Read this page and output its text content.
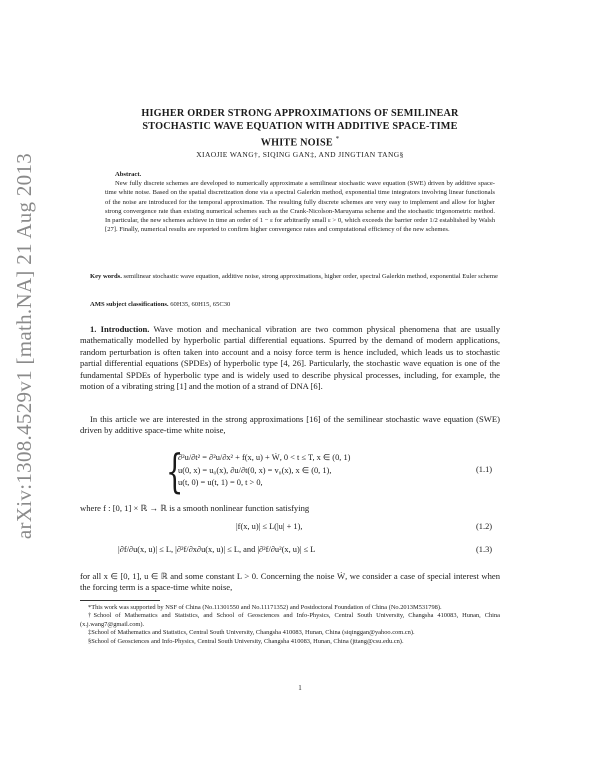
arXiv:1308.4529v1 [math.NA] 21 Aug 2013
HIGHER ORDER STRONG APPROXIMATIONS OF SEMILINEAR
STOCHASTIC WAVE EQUATION WITH ADDITIVE SPACE-TIME
WHITE NOISE *
XIAOJIE WANG†, SIQING GAN‡, AND JINGTIAN TANG§
Abstract.
New fully discrete schemes are developed to numerically approximate a semilinear stochastic wave equation (SWE) driven by additive space-time white noise. Based on the spatial discretization done via a spectral Galerkin method, exponential time integrators involving linear functionals of the noise are introduced for the temporal approximation. The resulting fully discrete schemes are very easy to implement and allow for higher strong convergence rate than existing numerical schemes such as the Crank-Nicolson-Maruyama scheme and the stochastic trigonometric method. In particular, the new schemes achieve in time an order of 1 − ε for arbitrarily small ε > 0, which exceeds the barrier order 1/2 established by Walsh [27]. Finally, numerical results are reported to confirm higher convergence rates and computational efficiency of the new schemes.
Key words. semilinear stochastic wave equation, additive noise, strong approximations, higher order, spectral Galerkin method, exponential Euler scheme
AMS subject classifications. 60H35, 60H15, 65C30
1. Introduction. Wave motion and mechanical vibration are two common physical phenomena that are usually mathematically modelled by hyperbolic partial differential equations. Spurred by the demand of modern applications, random perturbation is often taken into account and a noisy force term is hence included, which leads us to stochastic partial differential equations (SPDEs) of hyperbolic type [4, 26]. Particularly, the stochastic wave equation is one of the fundamental SPDEs of hyperbolic type and is widely used to describe physical processes, including, for example, the motion of a vibrating string [1] and the motion of a strand of DNA [6].
In this article we are interested in the strong approximations [16] of the semilinear stochastic wave equation (SWE) driven by additive space-time white noise,
{
∂²u/∂t² = ∂²u/∂x² + f(x, u) + Ẇ, 0 < t ≤ T, x ∈ (0, 1)
u(0, x) = u₀(x), ∂u/∂t(0, x) = v₀(x), x ∈ (0, 1),
u(t, 0) = u(t, 1) = 0, t > 0,
(1.1)
where f : [0, 1] × ℝ → ℝ is a smooth nonlinear function satisfying
|f(x, u)| ≤ L(|u| + 1),	(1.2)
|∂f/∂u(x, u)| ≤ L, |∂²f/∂x∂u(x, u)| ≤ L, and |∂²f/∂u²(x, u)| ≤ L	(1.3)
for all x ∈ [0, 1], u ∈ ℝ and some constant L > 0. Concerning the noise Ẇ, we consider a case of special interest when the forcing term is a space-time white noise,
*This work was supported by NSF of China (No.11301550 and No.11171352) and Postdoctoral Foundation of China (No.2013M531798).
†School of Mathematics and Statistics, and School of Geosciences and Info-Physics, Central South University, Changsha 410083, Hunan, China (x.j.wang7@gmail.com).
‡School of Mathematics and Statistics, Central South University, Changsha 410083, Hunan, China (siqinggan@yahoo.com.cn).
§School of Geosciences and Info-Physics, Central South University, Changsha 410083, Hunan, China (jttang@csu.edu.cn).
1
